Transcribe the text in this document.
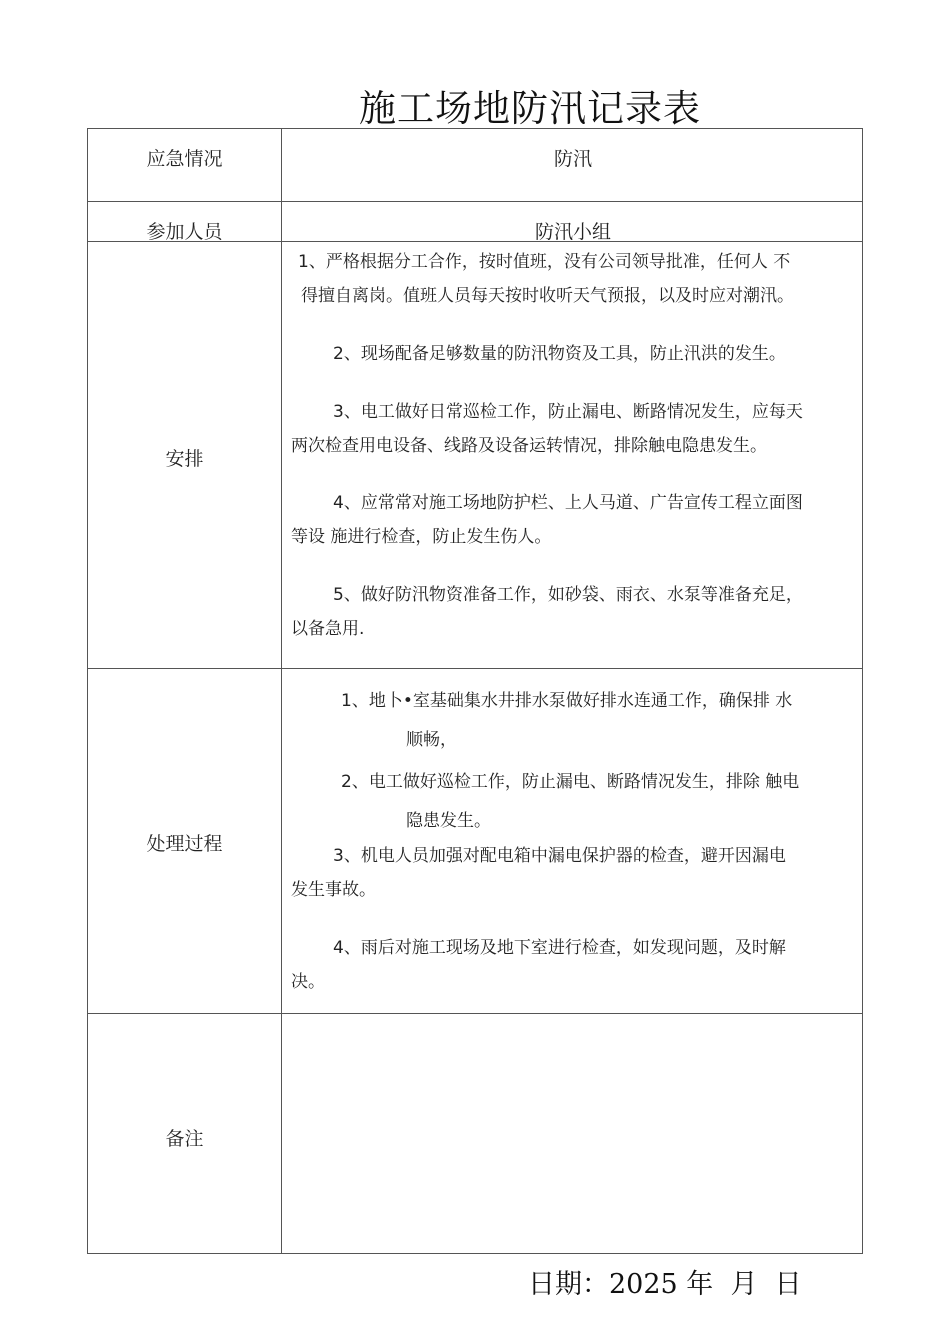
施工场地防汛记录表
应急情况	防汛
参加人员	防汛小组
安排
1、严格根据分工合作，按时值班，没有公司领导批准，任何人 不
得擅自离岗。值班人员每天按时收听天气预报，以及时应对潮汛。
2、现场配备足够数量的防汛物资及工具，防止汛洪的发生。
3、电工做好日常巡检工作，防止漏电、断路情况发生，应每天
两次检查用电设备、线路及设备运转情况，排除触电隐患发生。
4、应常常对施工场地防护栏、上人马道、广告宣传工程立面图
等设 施进行检查，防止发生伤人。
5、做好防汛物资准备工作，如砂袋、雨衣、水泵等准备充足，
以备急用.
处理过程
1、地卜•室基础集水井排水泵做好排水连通工作，确保排 水
顺畅，
2、电工做好巡检工作，防止漏电、断路情况发生，排除 触电
隐患发生。
3、机电人员加强对配电箱中漏电保护器的检查，避开因漏电
发生事故。
4、雨后对施工现场及地下室进行检查，如发现问题，及时解
决。
备注
日期：2025 年  月  日
